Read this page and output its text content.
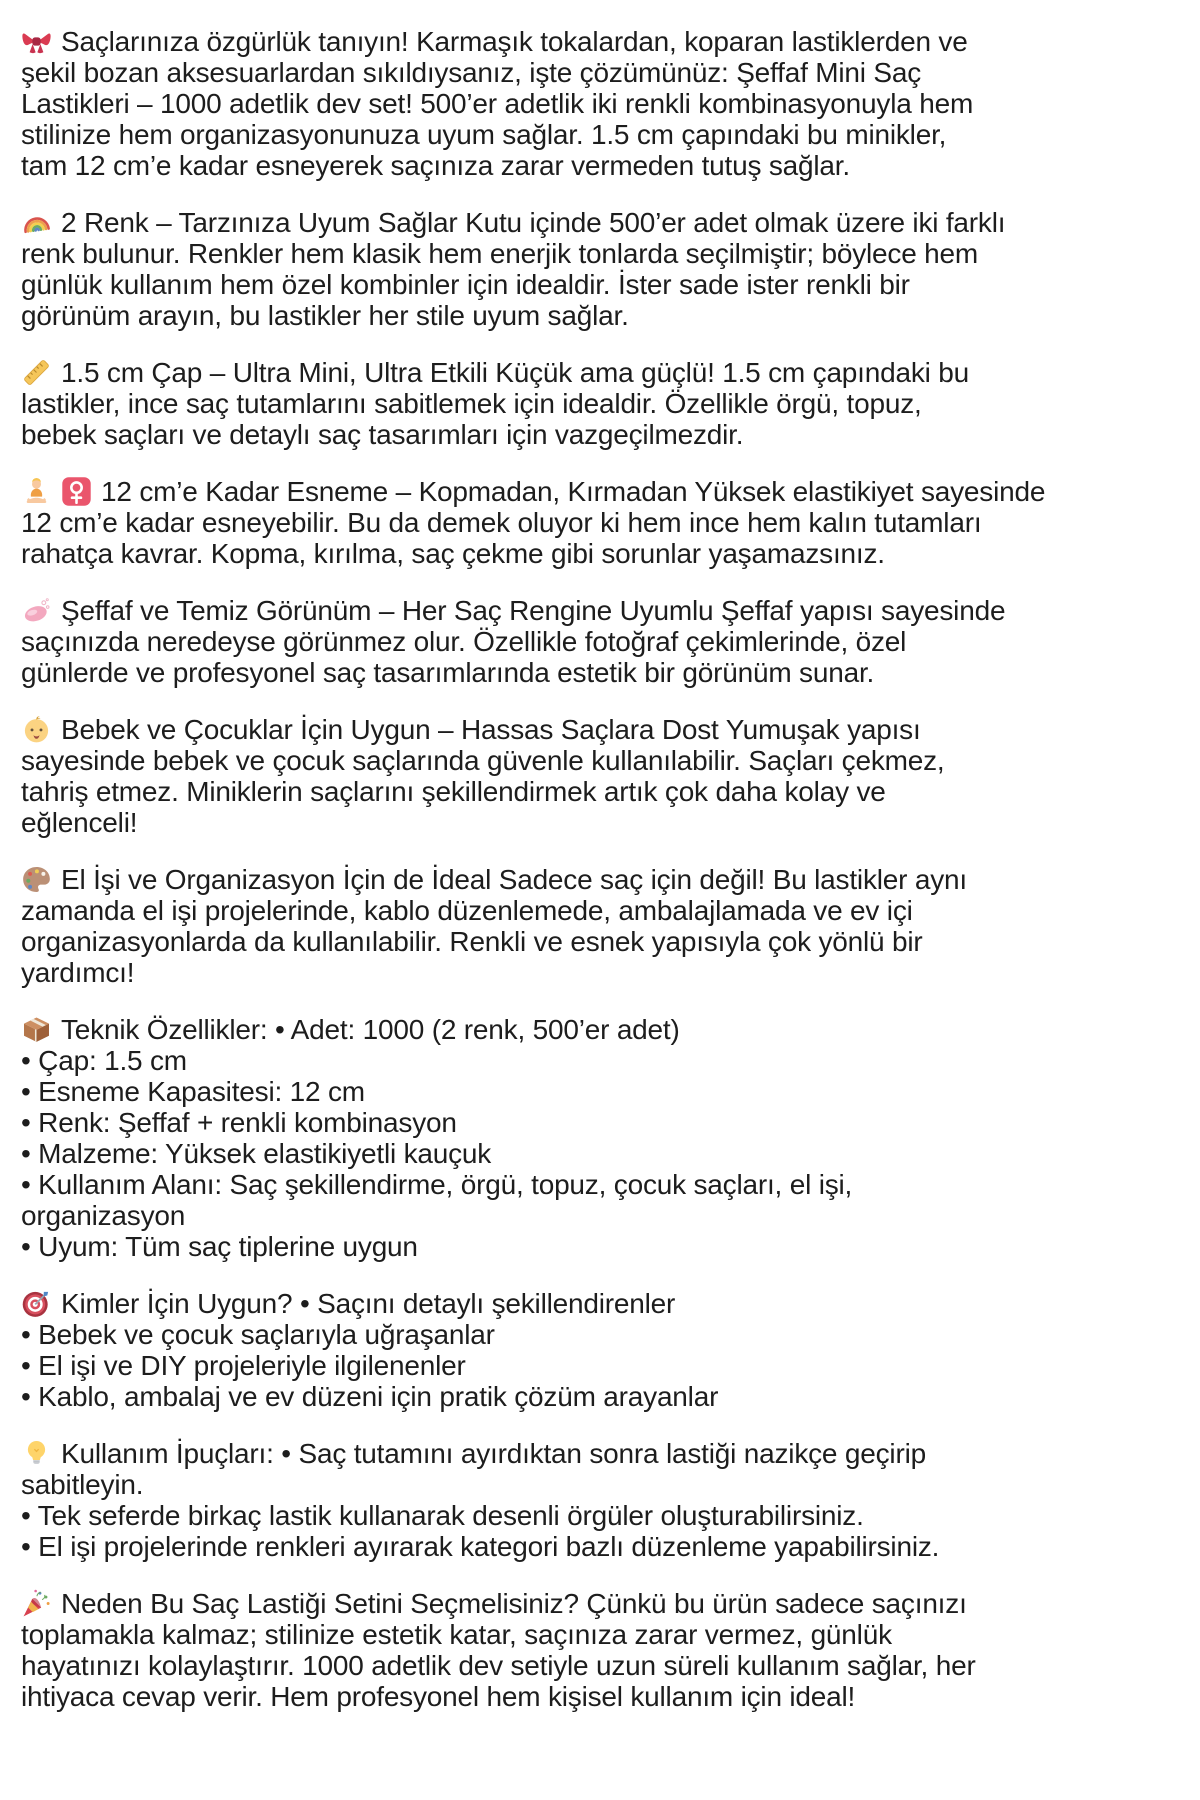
Saçlarınıza özgürlük tanıyın! Karmaşık tokalardan, koparan lastiklerden ve
şekil bozan aksesuarlardan sıkıldıysanız, işte çözümünüz: Şeffaf Mini Saç
Lastikleri – 1000 adetlik dev set! 500’er adetlik iki renkli kombinasyonuyla hem
stilinize hem organizasyonunuza uyum sağlar. 1.5 cm çapındaki bu minikler,
tam 12 cm’e kadar esneyerek saçınıza zarar vermeden tutuş sağlar.

2 Renk – Tarzınıza Uyum Sağlar Kutu içinde 500’er adet olmak üzere iki farklı
renk bulunur. Renkler hem klasik hem enerjik tonlarda seçilmiştir; böylece hem
günlük kullanım hem özel kombinler için idealdir. İster sade ister renkli bir
görünüm arayın, bu lastikler her stile uyum sağlar.

1.5 cm Çap – Ultra Mini, Ultra Etkili Küçük ama güçlü! 1.5 cm çapındaki bu
lastikler, ince saç tutamlarını sabitlemek için idealdir. Özellikle örgü, topuz,
bebek saçları ve detaylı saç tasarımları için vazgeçilmezdir.

12 cm’e Kadar Esneme – Kopmadan, Kırmadan Yüksek elastikiyet sayesinde
12 cm’e kadar esneyebilir. Bu da demek oluyor ki hem ince hem kalın tutamları
rahatça kavrar. Kopma, kırılma, saç çekme gibi sorunlar yaşamazsınız.

Şeffaf ve Temiz Görünüm – Her Saç Rengine Uyumlu Şeffaf yapısı sayesinde
saçınızda neredeyse görünmez olur. Özellikle fotoğraf çekimlerinde, özel
günlerde ve profesyonel saç tasarımlarında estetik bir görünüm sunar.

Bebek ve Çocuklar İçin Uygun – Hassas Saçlara Dost Yumuşak yapısı
sayesinde bebek ve çocuk saçlarında güvenle kullanılabilir. Saçları çekmez,
tahriş etmez. Miniklerin saçlarını şekillendirmek artık çok daha kolay ve
eğlenceli!

El İşi ve Organizasyon İçin de İdeal Sadece saç için değil! Bu lastikler aynı
zamanda el işi projelerinde, kablo düzenlemede, ambalajlamada ve ev içi
organizasyonlarda da kullanılabilir. Renkli ve esnek yapısıyla çok yönlü bir
yardımcı!

Teknik Özellikler: • Adet: 1000 (2 renk, 500’er adet)
• Çap: 1.5 cm
• Esneme Kapasitesi: 12 cm
• Renk: Şeffaf + renkli kombinasyon
• Malzeme: Yüksek elastikiyetli kauçuk
• Kullanım Alanı: Saç şekillendirme, örgü, topuz, çocuk saçları, el işi,
organizasyon
• Uyum: Tüm saç tiplerine uygun

Kimler İçin Uygun? • Saçını detaylı şekillendirenler
• Bebek ve çocuk saçlarıyla uğraşanlar
• El işi ve DIY projeleriyle ilgilenenler
• Kablo, ambalaj ve ev düzeni için pratik çözüm arayanlar

Kullanım İpuçları: • Saç tutamını ayırdıktan sonra lastiği nazikçe geçirip
sabitleyin.
• Tek seferde birkaç lastik kullanarak desenli örgüler oluşturabilirsiniz.
• El işi projelerinde renkleri ayırarak kategori bazlı düzenleme yapabilirsiniz.

Neden Bu Saç Lastiği Setini Seçmelisiniz? Çünkü bu ürün sadece saçınızı
toplamakla kalmaz; stilinize estetik katar, saçınıza zarar vermez, günlük
hayatınızı kolaylaştırır. 1000 adetlik dev setiyle uzun süreli kullanım sağlar, her
ihtiyaca cevap verir. Hem profesyonel hem kişisel kullanım için ideal!
